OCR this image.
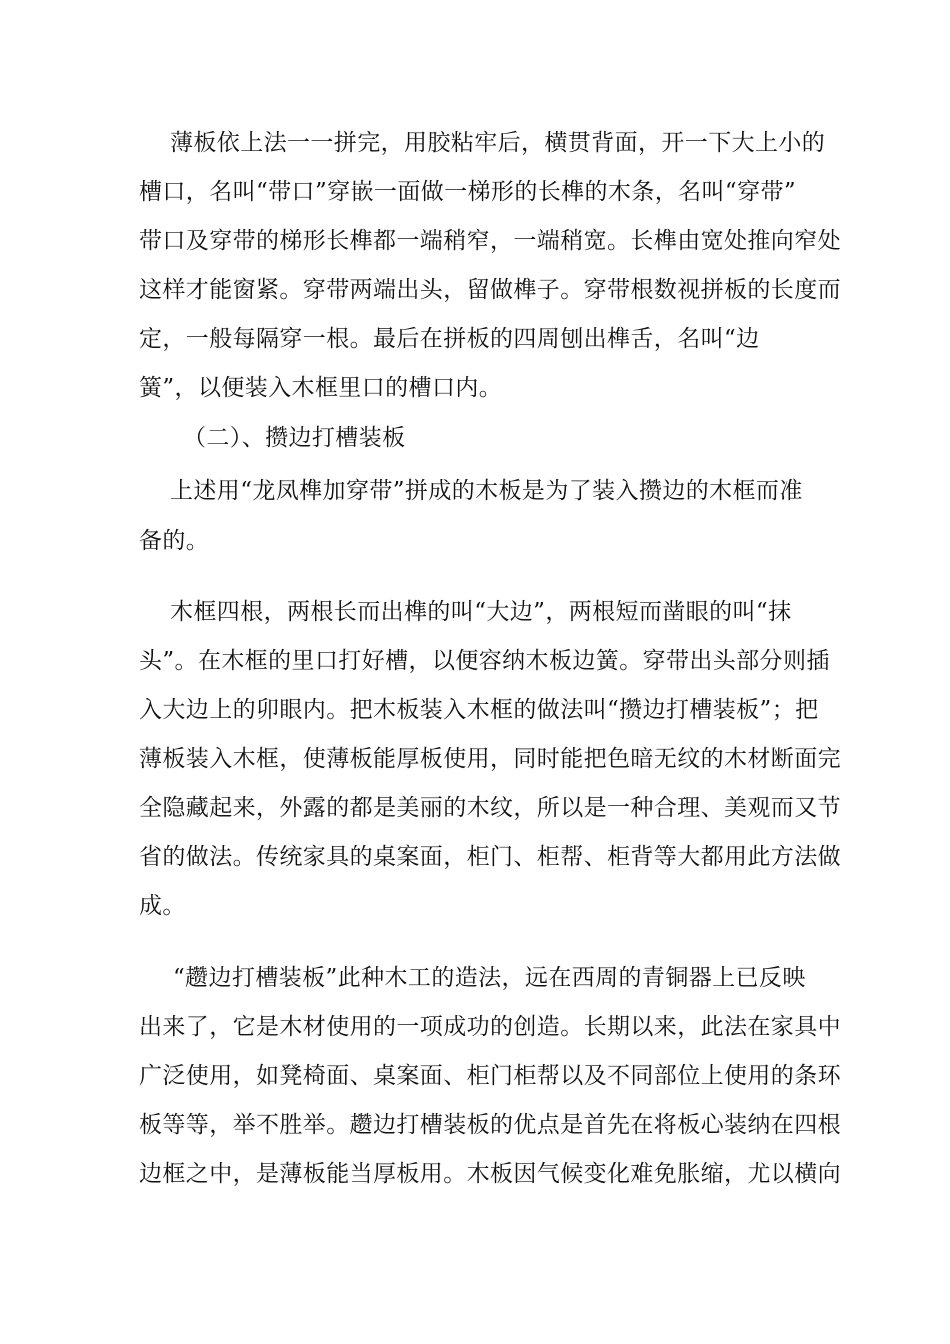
薄板依上法一一拼完，用胶粘牢后，横贯背面，开一下大上小的
槽口，名叫“带口”穿嵌一面做一梯形的长榫的木条，名叫“穿带”
带口及穿带的梯形长榫都一端稍窄，一端稍宽。长榫由宽处推向窄处
这样才能窗紧。穿带两端出头，留做榫子。穿带根数视拼板的长度而
定，一般每隔穿一根。最后在拼板的四周刨出榫舌，名叫“边
簧”，以便装入木框里口的槽口内。
（二）、攒边打槽装板
上述用“龙凤榫加穿带”拼成的木板是为了装入攒边的木框而准
备的。
木框四根，两根长而出榫的叫“大边”，两根短而凿眼的叫“抹
头”。在木框的里口打好槽，以便容纳木板边簧。穿带出头部分则插
入大边上的卯眼内。把木板装入木框的做法叫“攒边打槽装板”；把
薄板装入木框，使薄板能厚板使用，同时能把色暗无纹的木材断面完
全隐藏起来，外露的都是美丽的木纹，所以是一种合理、美观而又节
省的做法。传统家具的桌案面，柜门、柜帮、柜背等大都用此方法做
成。
“趱边打槽装板”此种木工的造法，远在西周的青铜器上已反映
出来了，它是木材使用的一项成功的创造。长期以来，此法在家具中
广泛使用，如凳椅面、桌案面、柜门柜帮以及不同部位上使用的条环
板等等，举不胜举。趱边打槽装板的优点是首先在将板心装纳在四根
边框之中，是薄板能当厚板用。木板因气候变化难免胀缩，尤以横向
